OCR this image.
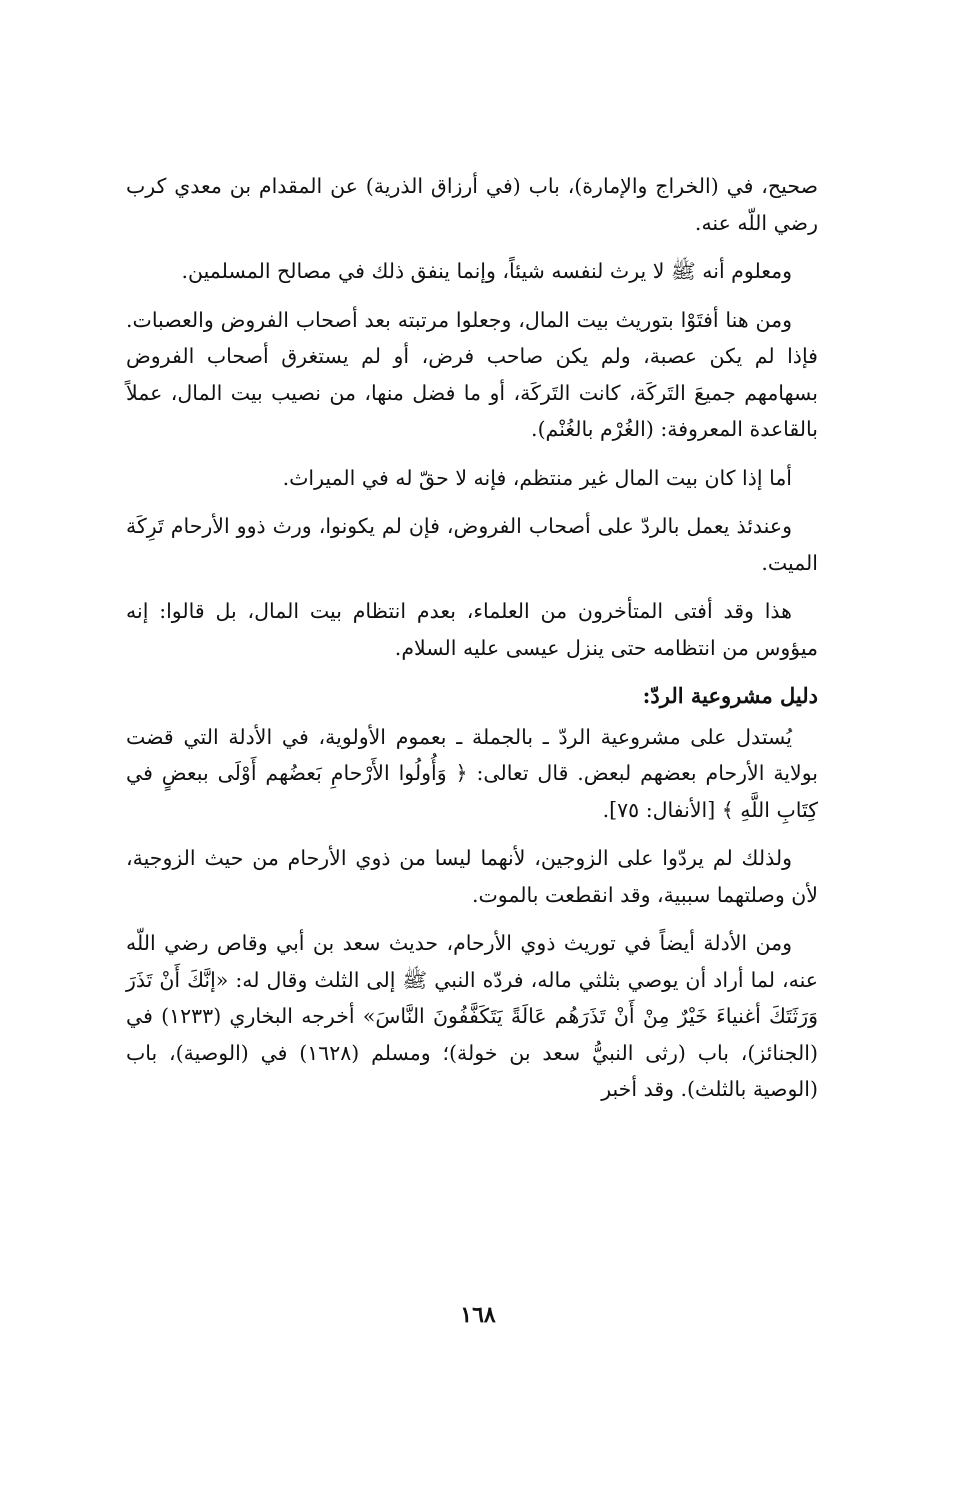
صحيح، في (الخراج والإمارة)، باب (في أرزاق الذرية) عن المقدام بن معدي كرب رضي اللّه عنه.

ومعلوم أنه ﷺ لا يرث لنفسه شيئاً، وإنما ينفق ذلك في مصالح المسلمين.

ومن هنا أفتَوْا بتوريث بيت المال، وجعلوا مرتبته بعد أصحاب الفروض والعصبات. فإذا لم يكن عصبة، ولم يكن صاحب فرض، أو لم يستغرق أصحاب الفروض بسهامهم جميعَ التَركَة، كانت التَركَة، أو ما فضل منها، من نصيب بيت المال، عملاً بالقاعدة المعروفة: (الغُرْم بالغُنْم).

أما إذا كان بيت المال غير منتظم، فإنه لا حقّ له في الميراث.

وعندئذ يعمل بالردّ على أصحاب الفروض، فإن لم يكونوا، ورث ذوو الأرحام تَرِكَة الميت.

هذا وقد أفتى المتأخرون من العلماء، بعدم انتظام بيت المال، بل قالوا: إنه ميؤوس من انتظامه حتى ينزل عيسى عليه السلام.

دليل مشروعية الردّ:

يُستدل على مشروعية الردّ ـ بالجملة ـ بعموم الأولوية، في الأدلة التي قضت بولاية الأرحام بعضهم لبعض. قال تعالى: ﴿ وَأُولُوا الأَرْحامِ بَعضُهم أَوْلَى ببعضٍ في كِتَابِ اللَّهِ ﴾ [الأنفال: ٧٥].

ولذلك لم يردّوا على الزوجين، لأنهما ليسا من ذوي الأرحام من حيث الزوجية، لأن وصلتهما سببية، وقد انقطعت بالموت.

ومن الأدلة أيضاً في توريث ذوي الأرحام، حديث سعد بن أبي وقاص رضي اللّه عنه، لما أراد أن يوصي بثلثي ماله، فردّه النبي ﷺ إلى الثلث وقال له: «إنَّكَ أَنْ تَذَرَ وَرَثَتَكَ أغنياءَ خَيْرٌ مِنْ أَنْ تَذَرَهُم عَالَةً يَتَكَفَّفُونَ النَّاسَ» أخرجه البخاري (١٢٣٣) في (الجنائز)، باب (رثى النبيُّ سعد بن خولة)؛ ومسلم (١٦٢٨) في (الوصية)، باب (الوصية بالثلث). وقد أخبر

١٦٨
